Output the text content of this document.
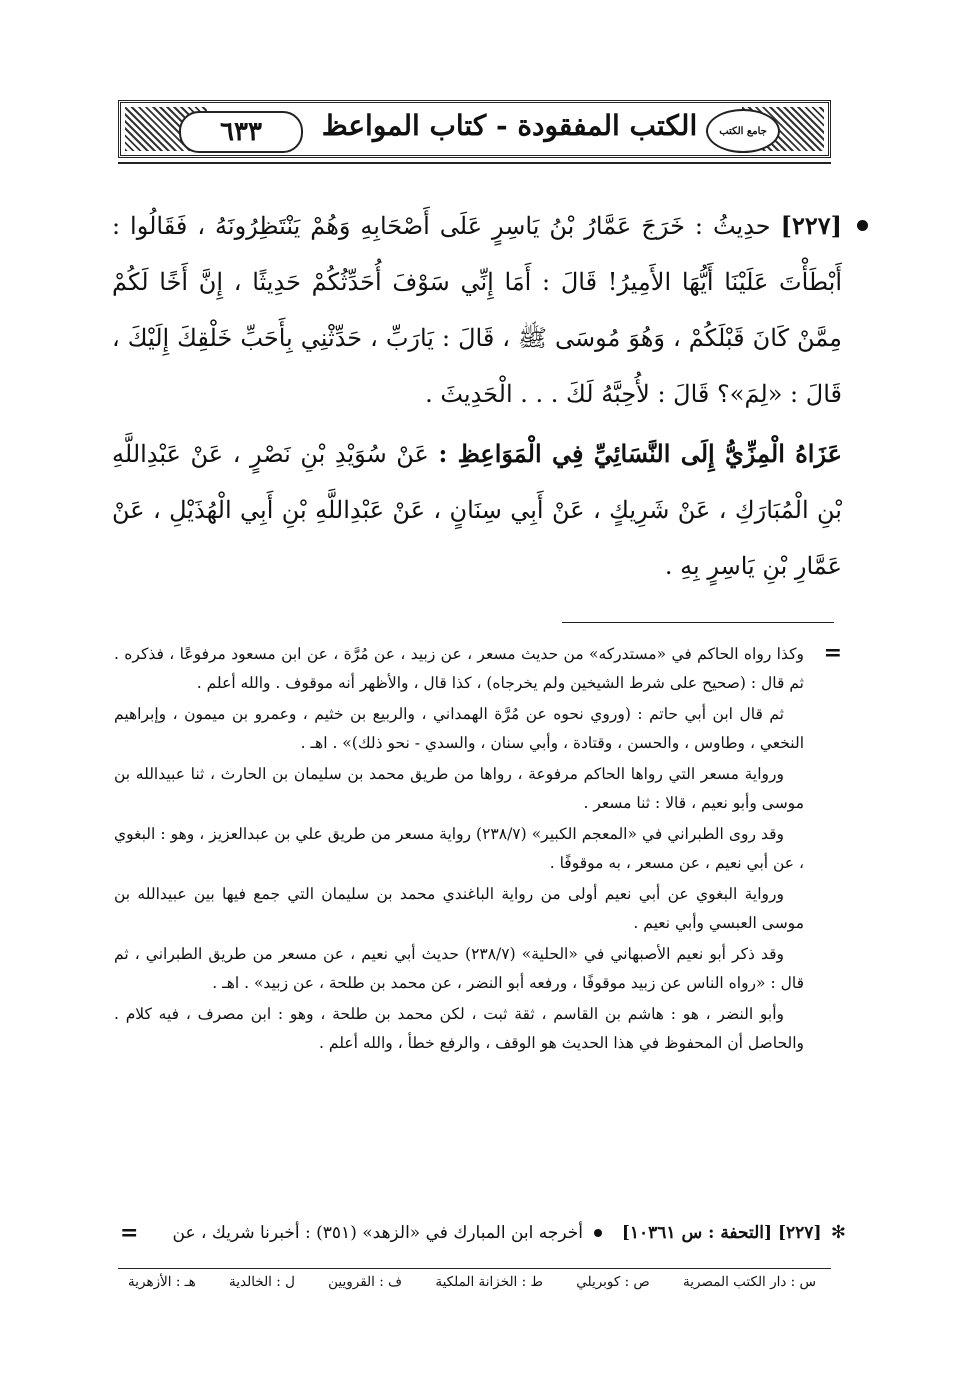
جامع الكتب
الكتب المفقودة - كتاب المواعظ
٦٣٣

[٢٢٧] حدِيثُ : خَرَجَ عَمَّارُ بْنُ يَاسِرٍ عَلَى أَصْحَابِهِ وَهُمْ يَنْتَظِرُونَهُ ، فَقَالُوا : أَبْطَأْتَ عَلَيْنَا أَيُّهَا الأَمِيرُ! قَالَ : أَمَا إِنِّي سَوْفَ أُحَدِّثُكُمْ حَدِيثًا ، إِنَّ أَخًا لَكُمْ مِمَّنْ كَانَ قَبْلَكُمْ ، وَهُوَ مُوسَى ﷺ ، قَالَ : يَارَبِّ ، حَدِّثْنِي بِأَحَبِّ خَلْقِكَ إِلَيْكَ ، قَالَ : «لِمَ»؟ قَالَ : لأُحِبَّهُ لَكَ . . . الْحَدِيثَ .

عَزَاهُ الْمِزِّيُّ إِلَى النَّسَائِيِّ فِي الْمَوَاعِظِ : عَنْ سُوَيْدِ بْنِ نَصْرٍ ، عَنْ عَبْدِاللَّهِ بْنِ الْمُبَارَكِ ، عَنْ شَرِيكٍ ، عَنْ أَبِي سِنَانٍ ، عَنْ عَبْدِاللَّهِ بْنِ أَبِي الْهُذَيْلِ ، عَنْ عَمَّارِ بْنِ يَاسِرٍ بِهِ .

=

وكذا رواه الحاكم في «مستدركه» من حديث مسعر ، عن زبيد ، عن مُرَّة ، عن ابن مسعود مرفوعًا ، فذكره . ثم قال : (صحيح على شرط الشيخين ولم يخرجاه) ، كذا قال ، والأظهر أنه موقوف . والله أعلم .

ثم قال ابن أبي حاتم : (وروي نحوه عن مُرَّة الهمداني ، والربيع بن خثيم ، وعمرو بن ميمون ، وإبراهيم النخعي ، وطاوس ، والحسن ، وقتادة ، وأبي سنان ، والسدي - نحو ذلك)» . اهـ .

ورواية مسعر التي رواها الحاكم مرفوعة ، رواها من طريق محمد بن سليمان بن الحارث ، ثنا عبيدالله بن موسى وأبو نعيم ، قالا : ثنا مسعر .

وقد روى الطبراني في «المعجم الكبير» (٢٣٨/٧) رواية مسعر من طريق علي بن عبدالعزيز ، وهو : البغوي ، عن أبي نعيم ، عن مسعر ، به موقوفًا .

ورواية البغوي عن أبي نعيم أولى من رواية الباغندي محمد بن سليمان التي جمع فيها بين عبيدالله بن موسى العبسي وأبي نعيم .

وقد ذكر أبو نعيم الأصبهاني في «الحلية» (٢٣٨/٧) حديث أبي نعيم ، عن مسعر من طريق الطبراني ، ثم قال : «رواه الناس عن زبيد موقوفًا ، ورفعه أبو النضر ، عن محمد بن طلحة ، عن زبيد» . اهـ .

وأبو النضر ، هو : هاشم بن القاسم ، ثقة ثبت ، لكن محمد بن طلحة ، وهو : ابن مصرف ، فيه كلام . والحاصل أن المحفوظ في هذا الحديث هو الوقف ، والرفع خطأ ، والله أعلم .

✻ [٢٢٧] [التحفة : س ١٠٣٦١]  أخرجه ابن المبارك في «الزهد» (٣٥١) : أخبرنا شريك ، عن
=
س : دار الكتب المصرية
ص : كوبريلي
ط : الخزانة الملكية
ف : القرويين
ل : الخالدية
هـ : الأزهرية
